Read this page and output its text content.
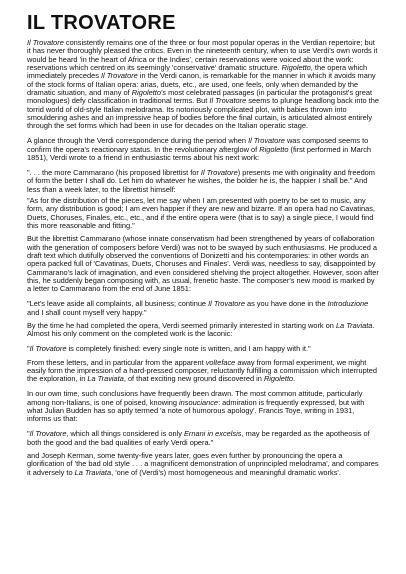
IL TROVATORE

Il Trovatore consistently remains one of the three or four most popular operas in the Verdian repertoire; but it has never thoroughly pleased the critics. Even in the nineteenth century, when to use Verdi's own words it would be heard 'in the heart of Africa or the Indies', certain reservations were voiced about the work: reservations which centred on its seemingly 'conservative' dramatic structure. Rigoletto, the opera which immediately precedes Il Trovatore in the Verdi canon, is remarkable for the manner in which it avoids many of the stock forms of Italian opera: arias, duets, etc., are used, one feels, only when demanded by the dramatic situation, and many of Rigoletto's most celebrated passages (in particular the protagonist's great monologues) defy classification in traditional terms. But Il Trovatore seems to plunge headlong back into the torrid world of old-style Italian melodrama. Its notoriously complicated plot, with babies thrown into smouldering ashes and an impressive heap of bodies before the final curtain, is articulated almost entirely through the set forms which had been in use for decades on the Italian operatic stage.

A glance through the Verdi correspondence during the period when Il Trovatore was composed seems to confirm the opera's reactionary status. In the revolutionary afterglow of Rigoletto (first performed in March 1851), Verdi wrote to a friend in enthusiastic terms about his next work:

". . . the more Cammarano (his proposed librettist for Il Trovatore) presents me with originality and freedom of form the better I shall do. Let him do whatever he wishes, the bolder he is, the happier I shall be." And less than a week later, to the librettist himself:

"As for the distribution of the pieces, let me say when I am presented with poetry to be set to music, any form, any distribution is good; I am even happier if they are new and bizarre. If an opera had no Cavatinas, Duets, Choruses, Finales, etc., etc., and if the entire opera were (that is to say) a single piece, I would find this more reasonable and fitting."

But the librettist Cammarano (whose innate conservatism had been strengthened by years of collaboration with the generation of composers before Verdi) was not to be swayed by such enthusiasms. He produced a draft text which dutifully observed the conventions of Donizetti and his contemporaries: in other words an opera packed full of 'Cavatinas, Duets, Choruses and Finales'. Verdi was, needless to say, disappointed by Cammarano's lack of imagination, and even considered shelving the project altogether. However, soon after this, he suddenly began composing with, as usual, frenetic haste. The composer's new mood is marked by a letter to Cammarano from the end of June 1851:

"Let's leave aside all complaints, all business; continue Il Trovatore as you have done in the Introduzione and I shall count myself very happy."

By the time he had completed the opera, Verdi seemed primarily interested in starting work on La Traviata. Almost his only comment on the completed work is the laconic:

"Il Trovatore is completely finished: every single note is written, and I am happy with it."

From these letters, and in particular from the apparent volteface away from formal experiment, we might easily form the impression of a hard-pressed composer, reluctantly fulfilling a commission which interrupted the exploration, in La Traviata, of that exciting new ground discovered in Rigoletto.

In our own time, such conclusions have frequently been drawn. The most common attitude, particularly among non-Italians, is one of poised, knowing insouciance: admiration is frequently expressed, but with what Julian Budden has so aptly termed 'a note of humorous apology'. Francis Toye, writing in 1931, informs us that:

"Il Trovatore, which all things considered is only Ernani in excelsis, may be regarded as the apotheosis of both the good and the bad qualities of early Verdi opera."

and Joseph Kerman, some twenty-five years later, goes even further by pronouncing the opera a glorification of 'the bad old style . . . a magnificent demonstration of unprincipled melodrama', and compares it adversely to La Traviata, 'one of (Verdi's) most homogeneous and meaningful dramatic works'.
